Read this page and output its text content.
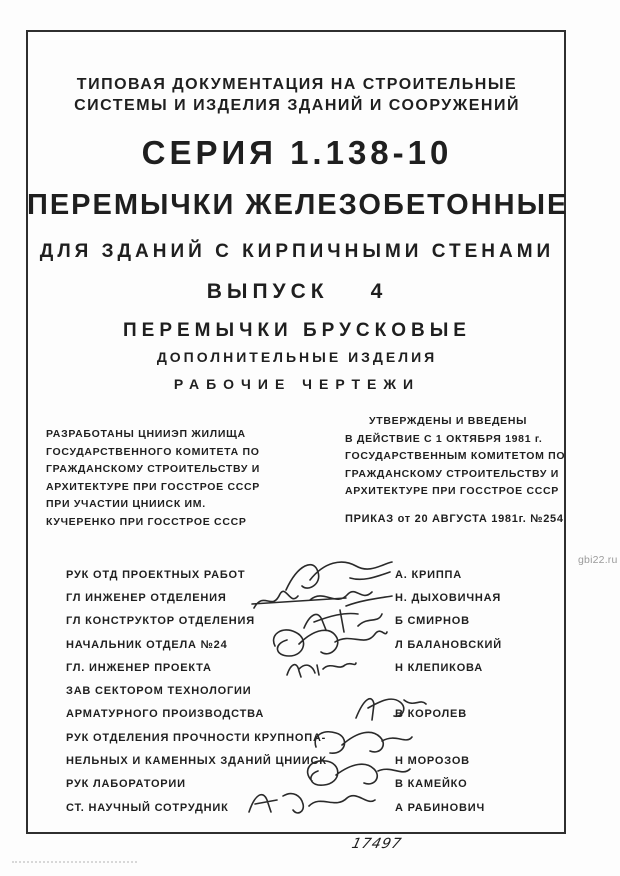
ТИПОВАЯ ДОКУМЕНТАЦИЯ НА СТРОИТЕЛЬНЫЕ
СИСТЕМЫ И ИЗДЕЛИЯ ЗДАНИЙ И СООРУЖЕНИЙ
СЕРИЯ 1.138-10
ПЕРЕМЫЧКИ ЖЕЛЕЗОБЕТОННЫЕ
ДЛЯ ЗДАНИЙ С КИРПИЧНЫМИ СТЕНАМИ
ВЫПУСК 4
ПЕРЕМЫЧКИ БРУСКОВЫЕ
ДОПОЛНИТЕЛЬНЫЕ ИЗДЕЛИЯ
РАБОЧИЕ ЧЕРТЕЖИ
РАЗРАБОТАНЫ ЦНИИЭП ЖИЛИЩА
ГОСУДАРСТВЕННОГО КОМИТЕТА ПО
ГРАЖДАНСКОМУ СТРОИТЕЛЬСТВУ И
АРХИТЕКТУРЕ ПРИ ГОССТРОЕ СССР
ПРИ УЧАСТИИ ЦНИИСК ИМ.
КУЧЕРЕНКО ПРИ ГОССТРОЕ СССР
УТВЕРЖДЕНЫ И ВВЕДЕНЫ
В ДЕЙСТВИЕ С 1 ОКТЯБРЯ 1981 г.
ГОСУДАРСТВЕННЫМ КОМИТЕТОМ ПО
ГРАЖДАНСКОМУ СТРОИТЕЛЬСТВУ И
АРХИТЕКТУРЕ ПРИ ГОССТРОЕ СССР
ПРИКАЗ от 20 АВГУСТА 1981г. №254
РУК ОТД ПРОЕКТНЫХ РАБОТ	А. КРИППА
ГЛ ИНЖЕНЕР ОТДЕЛЕНИЯ	Н. ДЫХОВИЧНАЯ
ГЛ КОНСТРУКТОР ОТДЕЛЕНИЯ	Б СМИРНОВ
НАЧАЛЬНИК ОТДЕЛА №24	Л БАЛАНОВСКИЙ
ГЛ. ИНЖЕНЕР ПРОЕКТА	Н КЛЕПИКОВА
ЗАВ СЕКТОРОМ ТЕХНОЛОГИИ
АРМАТУРНОГО ПРОИЗВОДСТВА	В КОРОЛЕВ
РУК ОТДЕЛЕНИЯ ПРОЧНОСТИ КРУПНОПА-
НЕЛЬНЫХ И КАМЕННЫХ ЗДАНИЙ ЦНИИСК	Н МОРОЗОВ
РУК ЛАБОРАТОРИИ	В КАМЕЙКО
СТ. НАУЧНЫЙ СОТРУДНИК	А РАБИНОВИЧ
gbi22.ru
17497
